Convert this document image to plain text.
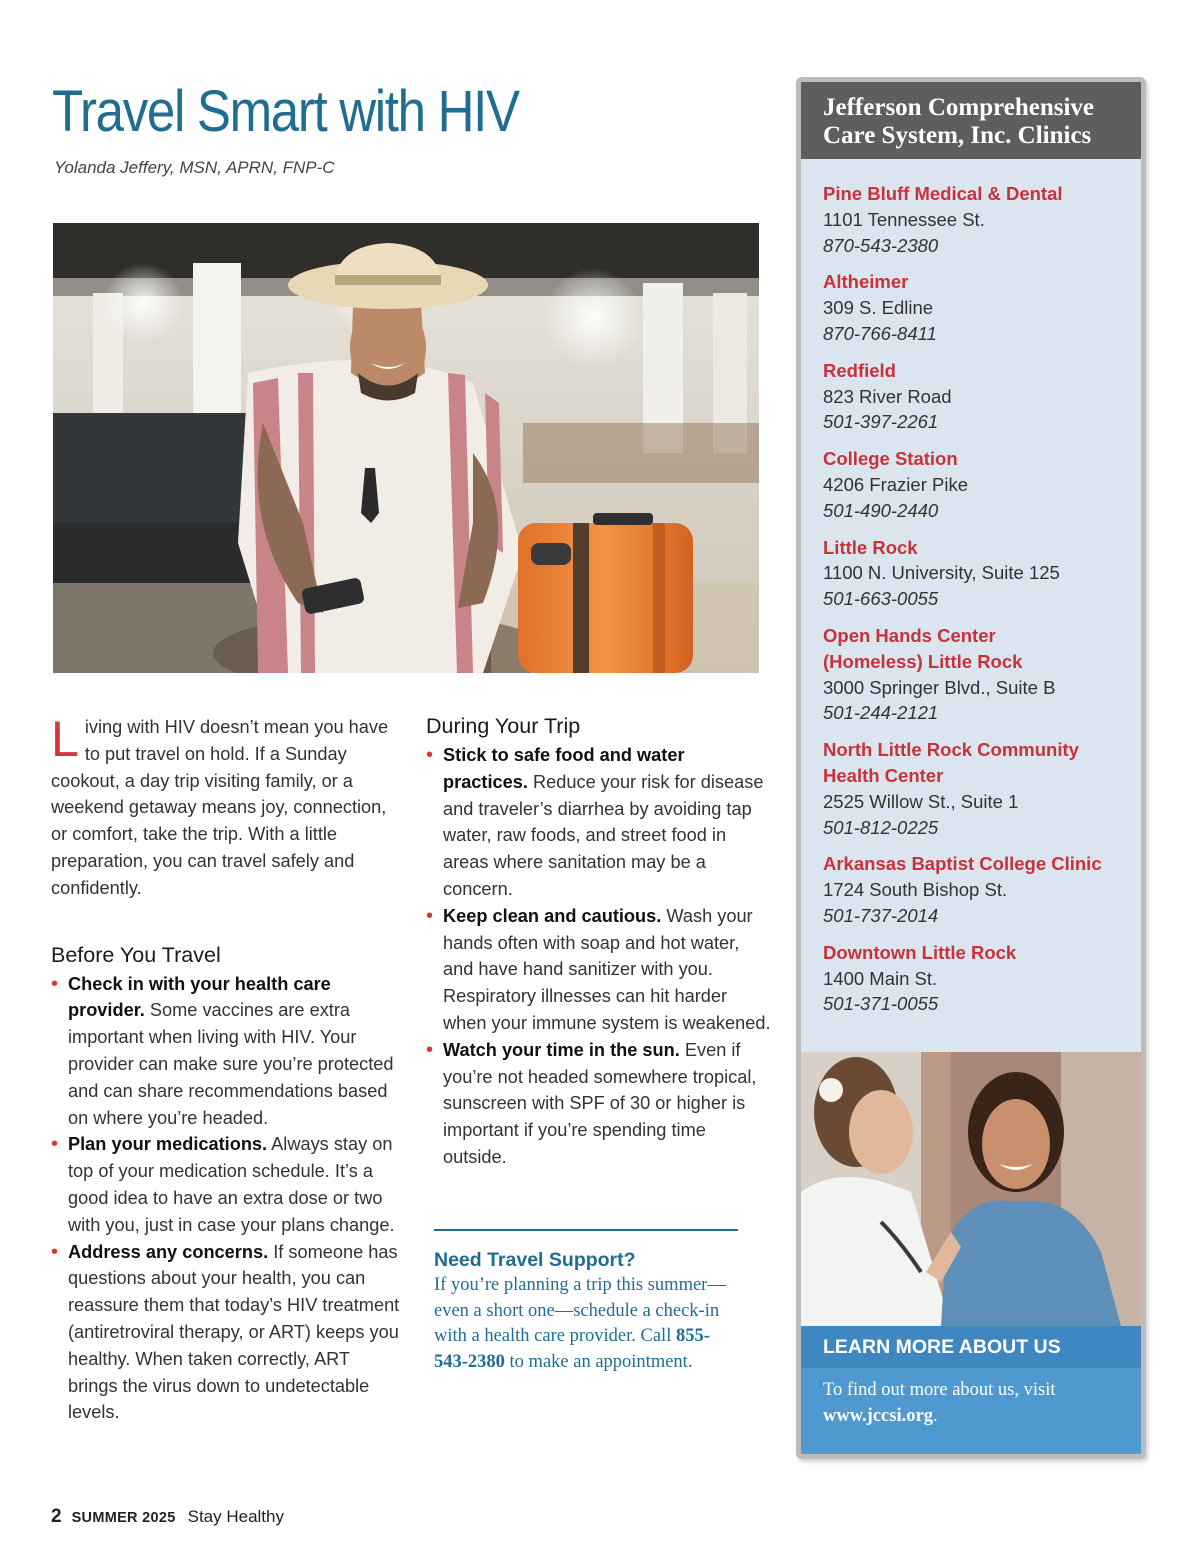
Travel Smart with HIV
Yolanda Jeffery, MSN, APRN, FNP-C
Living with HIV doesn’t mean you have to put travel on hold. If a Sunday cookout, a day trip visiting family, or a weekend getaway means joy, connection, or comfort, take the trip. With a little preparation, you can travel safely and confidently.
Before You Travel
• Check in with your health care provider. Some vaccines are extra important when living with HIV. Your provider can make sure you’re protected and can share recommendations based on where you’re headed.
• Plan your medications. Always stay on top of your medication schedule. It’s a good idea to have an extra dose or two with you, just in case your plans change.
• Address any concerns. If someone has questions about your health, you can reassure them that today’s HIV treatment (antiretroviral therapy, or ART) keeps you healthy. When taken correctly, ART brings the virus down to undetectable levels.
During Your Trip
• Stick to safe food and water practices. Reduce your risk for disease and traveler’s diarrhea by avoiding tap water, raw foods, and street food in areas where sanitation may be a concern.
• Keep clean and cautious. Wash your hands often with soap and hot water, and have hand sanitizer with you. Respiratory illnesses can hit harder when your immune system is weakened.
• Watch your time in the sun. Even if you’re not headed somewhere tropical, sunscreen with SPF of 30 or higher is important if you’re spending time outside.
Need Travel Support?
If you’re planning a trip this summer—even a short one—schedule a check-in with a health care provider. Call 855-543-2380 to make an appointment.
Jefferson Comprehensive Care System, Inc. Clinics
Pine Bluff Medical & Dental
1101 Tennessee St.
870-543-2380
Altheimer
309 S. Edline
870-766-8411
Redfield
823 River Road
501-397-2261
College Station
4206 Frazier Pike
501-490-2440
Little Rock
1100 N. University, Suite 125
501-663-0055
Open Hands Center (Homeless) Little Rock
3000 Springer Blvd., Suite B
501-244-2121
North Little Rock Community Health Center
2525 Willow St., Suite 1
501-812-0225
Arkansas Baptist College Clinic
1724 South Bishop St.
501-737-2014
Downtown Little Rock
1400 Main St.
501-371-0055
LEARN MORE ABOUT US
To find out more about us, visit www.jccsi.org.
2 SUMMER 2025 Stay Healthy
